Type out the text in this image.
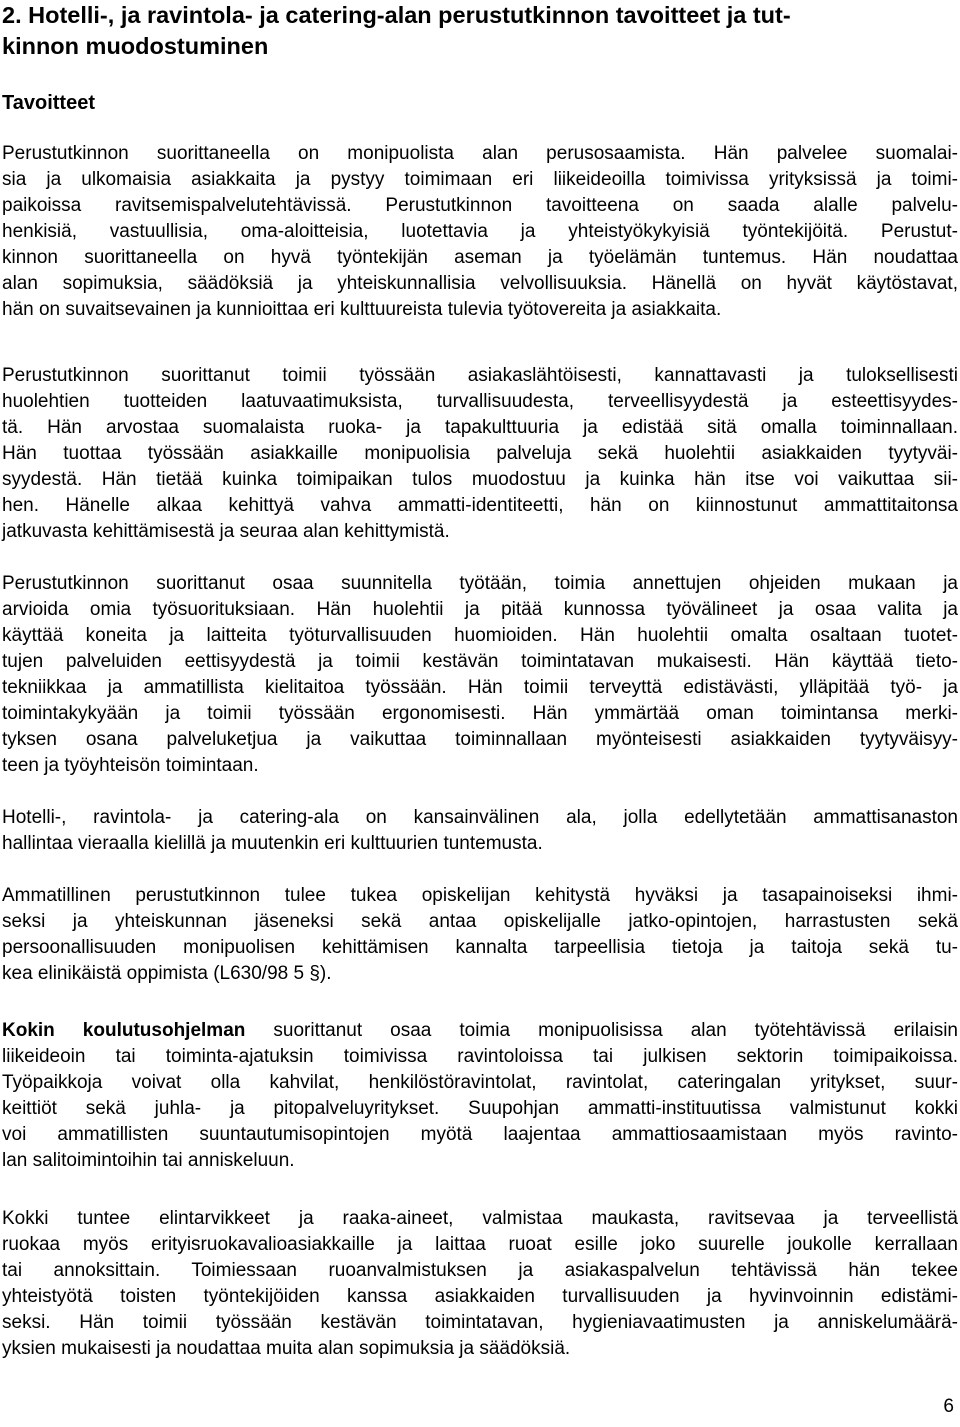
2. Hotelli-, ja ravintola- ja catering-alan perustutkinnon tavoitteet ja tut-
kinnon muodostuminen
Tavoitteet
Perustutkinnon suorittaneella on monipuolista alan perusosaamista. Hän palvelee suomalai-
sia ja ulkomaisia asiakkaita ja pystyy toimimaan eri liikeideoilla toimivissa yrityksissä ja toimi-
paikoissa ravitsemispalvelutehtävissä. Perustutkinnon tavoitteena on saada alalle palvelu-
henkisiä, vastuullisia, oma-aloitteisia, luotettavia ja yhteistyökykyisiä työntekijöitä. Perustut-
kinnon suorittaneella on hyvä työntekijän aseman ja työelämän tuntemus. Hän noudattaa
alan sopimuksia, säädöksiä ja yhteiskunnallisia velvollisuuksia. Hänellä on hyvät käytöstavat,
hän on suvaitsevainen ja kunnioittaa eri kulttuureista tulevia työtovereita ja asiakkaita.
Perustutkinnon suorittanut toimii työssään asiakaslähtöisesti, kannattavasti ja tuloksellisesti
huolehtien tuotteiden laatuvaatimuksista, turvallisuudesta, terveellisyydestä ja esteettisyydes-
tä. Hän arvostaa suomalaista ruoka- ja tapakulttuuria ja edistää sitä omalla toiminnallaan.
Hän tuottaa työssään asiakkaille monipuolisia palveluja sekä huolehtii asiakkaiden tyytyväi-
syydestä. Hän tietää kuinka toimipaikan tulos muodostuu ja kuinka hän itse voi vaikuttaa sii-
hen. Hänelle alkaa kehittyä vahva ammatti-identiteetti, hän on kiinnostunut ammattitaitonsa
jatkuvasta kehittämisestä ja seuraa alan kehittymistä.
Perustutkinnon suorittanut osaa suunnitella työtään, toimia annettujen ohjeiden mukaan ja
arvioida omia työsuorituksiaan. Hän huolehtii ja pitää kunnossa työvälineet ja osaa valita ja
käyttää koneita ja laitteita työturvallisuuden huomioiden. Hän huolehtii omalta osaltaan tuotet-
tujen palveluiden eettisyydestä ja toimii kestävän toimintatavan mukaisesti. Hän käyttää tieto-
tekniikkaa ja ammatillista kielitaitoa työssään. Hän toimii terveyttä edistävästi, ylläpitää työ- ja
toimintakykyään ja toimii työssään ergonomisesti. Hän ymmärtää oman toimintansa merki-
tyksen osana palveluketjua ja vaikuttaa toiminnallaan myönteisesti asiakkaiden tyytyväisyy-
teen ja työyhteisön toimintaan.
Hotelli-, ravintola- ja catering-ala on kansainvälinen ala, jolla edellytetään ammattisanaston
hallintaa vieraalla kielillä ja muutenkin eri kulttuurien tuntemusta.
Ammatillinen perustutkinnon tulee tukea opiskelijan kehitystä hyväksi ja tasapainoiseksi ihmi-
seksi ja yhteiskunnan jäseneksi sekä antaa opiskelijalle jatko-opintojen, harrastusten sekä
persoonallisuuden monipuolisen kehittämisen kannalta tarpeellisia tietoja ja taitoja sekä tu-
kea elinikäistä oppimista (L630/98 5 §).
Kokin koulutusohjelman suorittanut osaa toimia monipuolisissa alan työtehtävissä erilaisin
liikeideoin tai toiminta-ajatuksin toimivissa ravintoloissa tai julkisen sektorin toimipaikoissa.
Työpaikkoja voivat olla kahvilat, henkilöstöravintolat, ravintolat, cateringalan yritykset, suur-
keittiöt sekä juhla- ja pitopalveluyritykset. Suupohjan ammatti-instituutissa valmistunut kokki
voi ammatillisten suuntautumisopintojen myötä laajentaa ammattiosaamistaan myös ravinto-
lan salitoimintoihin tai anniskeluun.
Kokki tuntee elintarvikkeet ja raaka-aineet, valmistaa maukasta, ravitsevaa ja terveellistä
ruokaa myös erityisruokavalioasiakkaille ja laittaa ruoat esille joko suurelle joukolle kerrallaan
tai annoksittain. Toimiessaan ruoanvalmistuksen ja asiakaspalvelun tehtävissä hän tekee
yhteistyötä toisten työntekijöiden kanssa asiakkaiden turvallisuuden ja hyvinvoinnin edistämi-
seksi. Hän toimii työssään kestävän toimintatavan, hygieniavaatimusten ja anniskelumäärä-
yksien mukaisesti ja noudattaa muita alan sopimuksia ja säädöksiä.
6
